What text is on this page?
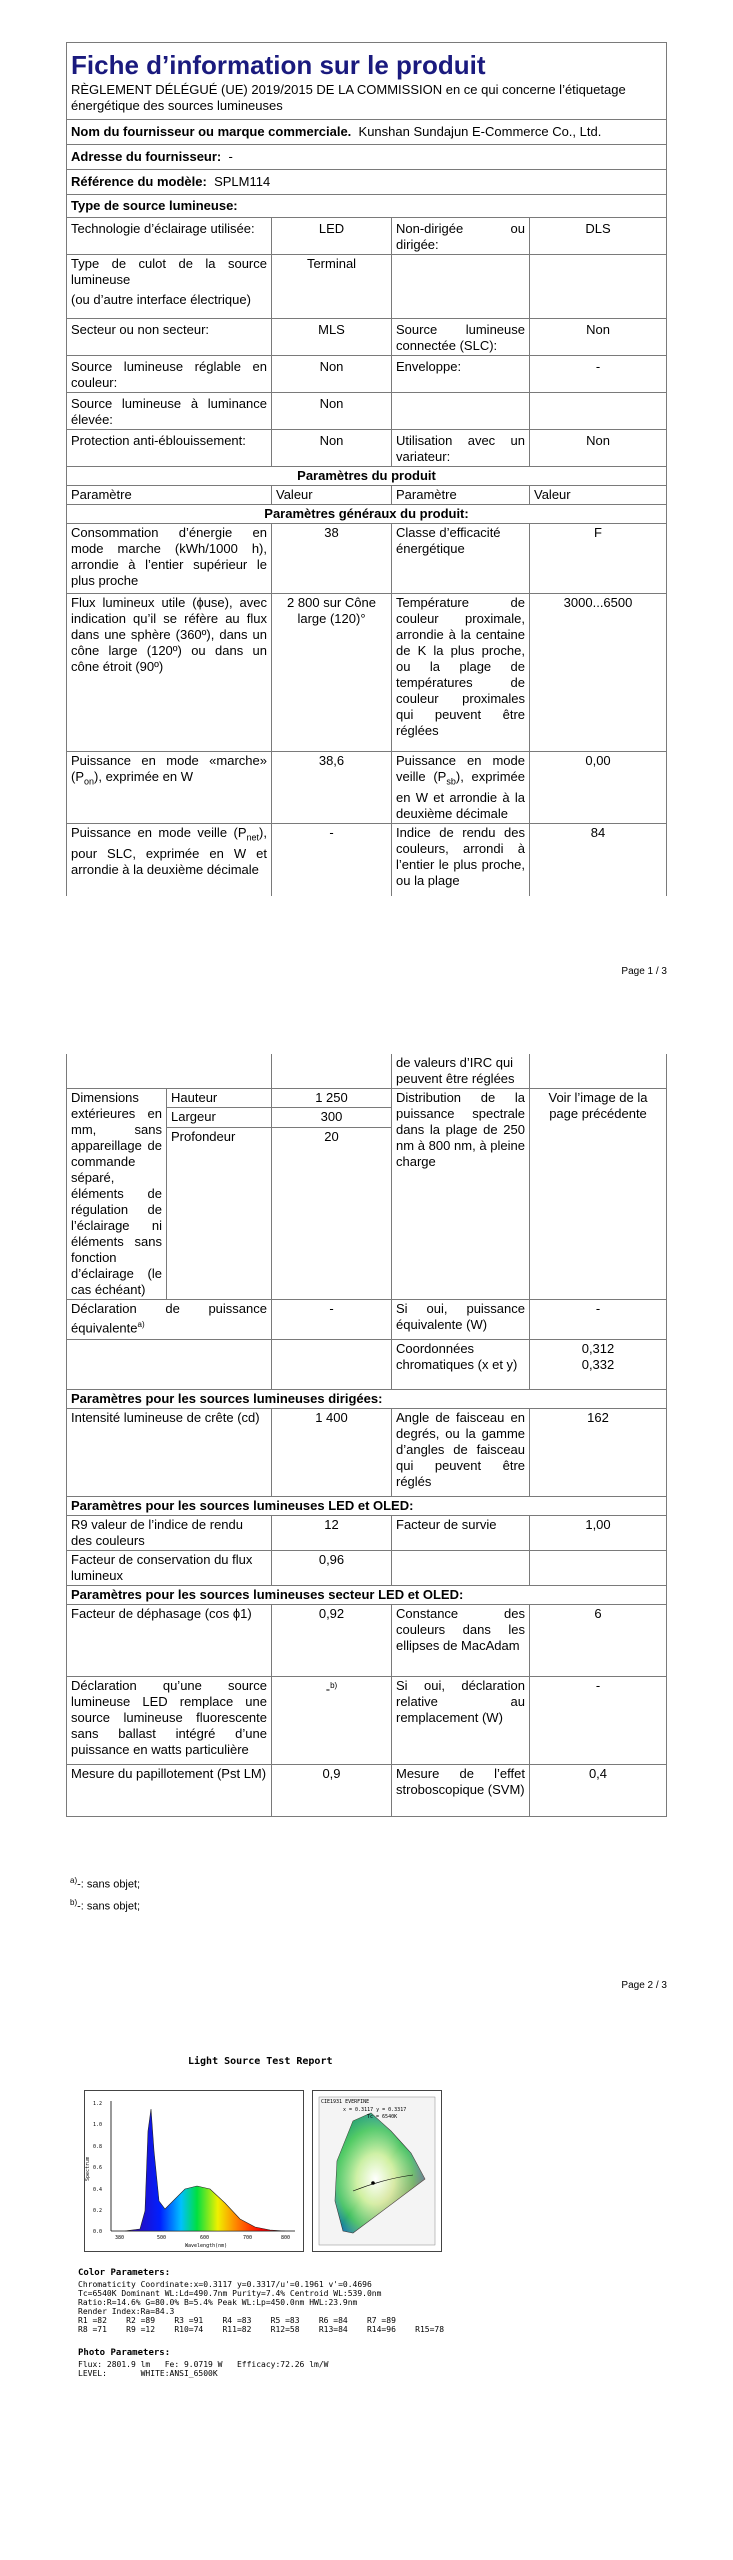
Fiche d’information sur le produit
RÈGLEMENT DÉLÉGUÉ (UE) 2019/2015 DE LA COMMISSION en ce qui concerne l’étiquetage énergétique des sources lumineuses			

Nom du fournisseur ou marque commerciale. Kunshan Sundajun E-Commerce Co., Ltd.			
Adresse du fournisseur: -			
Référence du modèle: SPLM114			
Type de source lumineuse:			
Technologie d’éclairage utilisée:	LED	Non-dirigée ou dirigée:	DLS

Type de culot de la source lumineuse
(ou d’autre interface électrique)	Terminal		
Secteur ou non secteur:	MLS	Source lumineuse connectée (SLC):	Non
Source lumineuse réglable en couleur:	Non	Enveloppe:	-
Source lumineuse à luminance élevée:	Non		
Protection anti-éblouissement:	Non	Utilisation avec un variateur:	Non
Paramètres du produit			
Paramètre	Valeur	Paramètre	Valeur
Paramètres généraux du produit:			
Consommation d’énergie en mode marche (kWh/1000 h), arrondie à l’entier supérieur le plus proche	38	Classe d’efficacité énergétique	F
Flux lumineux utile (ɸuse), avec indication qu’il se réfère au flux dans une sphère (360º), dans un cône large (120º) ou dans un cône étroit (90º)	2 800 sur Cône large (120)°	Température de couleur proximale, arrondie à la centaine de K la plus proche, ou la plage de températures de couleur proximales qui peuvent être réglées	3000...6500
Puissance en mode «marche» $(P_{on})$, exprimée en W	38,6	Puissance en mode veille $(P_{sb})$, exprimée en W et arrondie à la deuxième décimale	0,00
Puissance en mode veille $(P_{net})$, pour SLC, exprimée en W et arrondie à la deuxième décimale	-	Indice de rendu des couleurs, arrondi à l’entier le plus proche, ou la plage	84
Page 1 / 3
			de valeurs d’IRC qui peuvent être réglées	
Dimensions extérieures en mm, sans appareillage de commande séparé, éléments de régulation de l’éclairage ni éléments sans fonction d’éclairage (le cas échéant)	Hauteur	1 250	Distribution de la puissance spectrale dans la plage de 250 nm à 800 nm, à pleine charge	Voir l’image de la page précédente
	Largeur	300		
	Profondeur	20		
Déclaration de puissance équivalente$^{a)}$		-	Si oui, puissance équivalente (W)	-
			Coordonnées chromatiques (x et y)	0,312
0,332

Paramètres pour les sources lumineuses dirigées:				
Intensité lumineuse de crête (cd)		1 400	Angle de faisceau en degrés, ou la gamme d’angles de faisceau qui peuvent être réglés	162
Paramètres pour les sources lumineuses LED et OLED:				
R9 valeur de l’indice de rendu des couleurs		12	Facteur de survie	1,00
Facteur de conservation du flux lumineux		0,96		
Paramètres pour les sources lumineuses secteur LED et OLED:				
Facteur de déphasage (cos ϕ1)		0,92	Constance des couleurs dans les ellipses de MacAdam	6
Déclaration qu’une source lumineuse LED remplace une source lumineuse fluorescente sans ballast intégré d’une puissance en watts particulière		-$^{b)}$	Si oui, déclaration relative au remplacement (W)	-
Mesure du papillotement (Pst LM)		0,9	Mesure de l’effet stroboscopique (SVM)	0,4
$^{a)}$-: sans objet;
$^{b)}$-: sans objet;
Page 2 / 3
Light Source Test Report
1.2
1.0
0.8
0.6
0.4
0.2
0.0
380	500	600	700	800
Wavelength(nm)
Spectrum
CIE1931 EVERFINE
x = 0.3117 y = 0.3317
Tc = 6540K
Color Parameters:
Chromaticity Coordinate:x=0.3117 y=0.3317/u'=0.1961 v'=0.4696
Tc=6540K Dominant WL:Ld=490.7nm Purity=7.4% Centroid WL:539.0nm
Ratio:R=14.6% G=80.0% B=5.4% Peak WL:Lp=450.0nm HWL:23.9nm
Render Index:Ra=84.3
R1 =82    R2 =89    R3 =91    R4 =83    R5 =83    R6 =84    R7 =89
R8 =71    R9 =12    R10=74    R11=82    R12=58    R13=84    R14=96    R15=78
Photo Parameters:
Flux: 2801.9 lm   Fe: 9.0719 W   Efficacy:72.26 lm/W
LEVEL:       WHITE:ANSI_6500K
